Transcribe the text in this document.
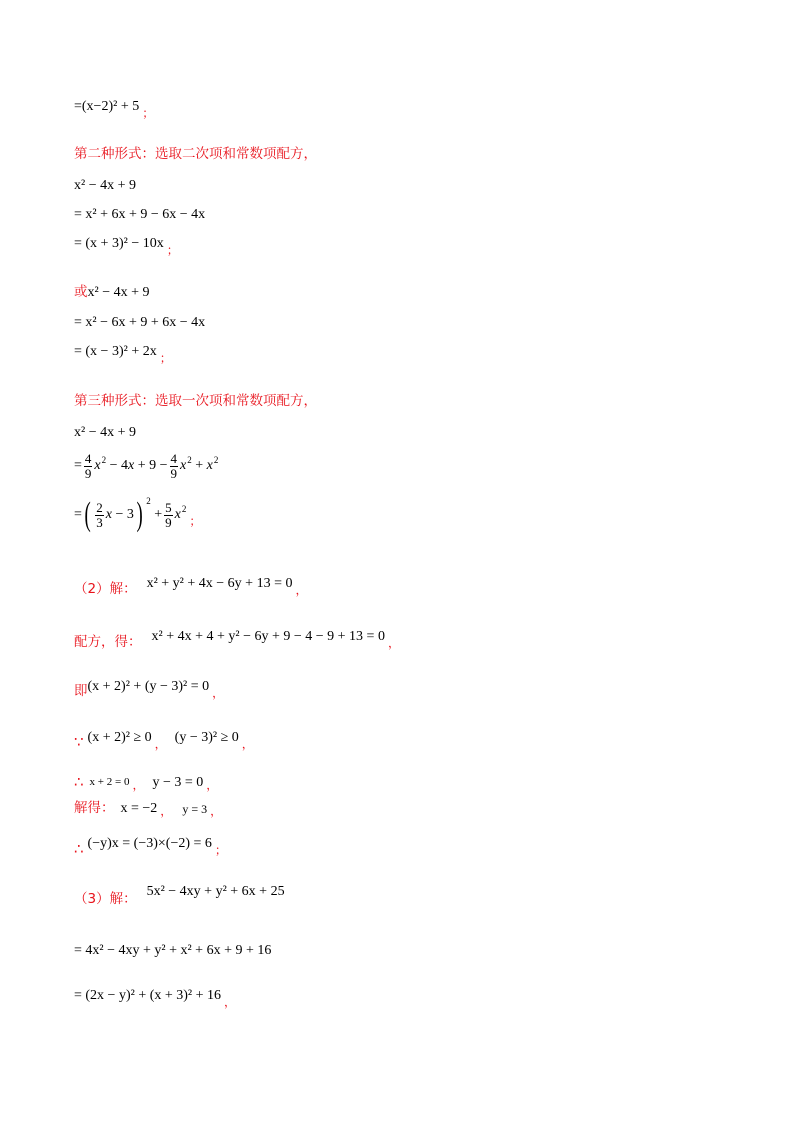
=(x−2)² + 5 ；
第二种形式：选取二次项和常数项配方，
x² − 4x + 9
= x² + 6x + 9 − 6x − 4x
= (x + 3)² − 10x ；
或 x² − 4x + 9
= x² − 6x + 9 + 6x − 4x
= (x − 3)² + 2x ；
第三种形式：选取一次项和常数项配方，
x² − 4x + 9
= $\frac{4}{9} x^2 - 4$ $x + 9 - \frac{4}{9} x^2 + x^2$
= ( $\frac{2}{3}$ x − 3 ) $^2$
+ $\frac{5}{9} x^2$
；
（2）解： x² + y² + 4x − 6y + 13 = 0 ，
配方，得： x² + 4x + 4 + y² − 6y + 9 − 4 − 9 + 13 = 0 ，
即 (x + 2)² + (y − 3)² = 0 ，
∵ (x + 2)² ≥ 0 ， (y − 3)² ≥ 0 ，
∴ x + 2 = 0 ， y − 3 = 0 ，
解得： x = −2 ， y = 3 ，
∴ (−y)x = (−3)×(−2) = 6 ；
（3）解： 5x² − 4xy + y² + 6x + 25
= 4x² − 4xy + y² + x² + 6x + 9 + 16
= (2x − y)² + (x + 3)² + 16 ，
